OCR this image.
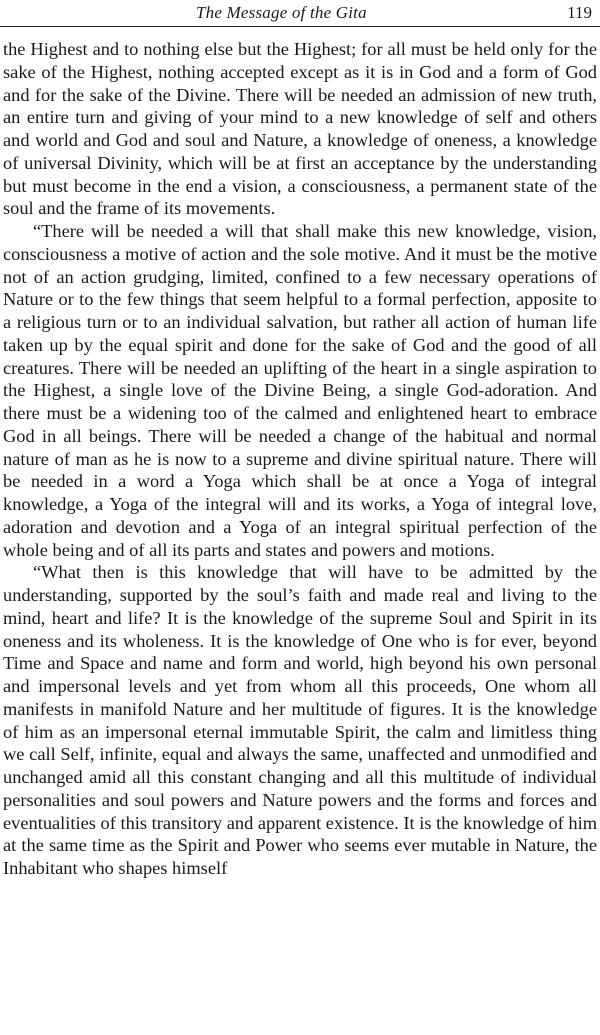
The Message of the Gita	119

the Highest and to nothing else but the Highest; for all must be held only for the sake of the Highest, nothing accepted except as it is in God and a form of God and for the sake of the Divine. There will be needed an admission of new truth, an entire turn and giving of your mind to a new knowledge of self and others and world and God and soul and Nature, a knowledge of oneness, a knowledge of universal Divinity, which will be at first an acceptance by the understanding but must become in the end a vision, a consciousness, a permanent state of the soul and the frame of its movements.

“There will be needed a will that shall make this new knowledge, vision, consciousness a motive of action and the sole motive. And it must be the motive not of an action grudging, limited, confined to a few necessary operations of Nature or to the few things that seem helpful to a formal perfection, apposite to a religious turn or to an individual salvation, but rather all action of human life taken up by the equal spirit and done for the sake of God and the good of all creatures. There will be needed an uplifting of the heart in a single aspiration to the Highest, a single love of the Divine Being, a single God-adoration. And there must be a widening too of the calmed and enlightened heart to embrace God in all beings. There will be needed a change of the habitual and normal nature of man as he is now to a supreme and divine spiritual nature. There will be needed in a word a Yoga which shall be at once a Yoga of integral knowledge, a Yoga of the integral will and its works, a Yoga of integral love, adoration and devotion and a Yoga of an integral spiritual perfection of the whole being and of all its parts and states and powers and motions.

“What then is this knowledge that will have to be admitted by the understanding, supported by the soul’s faith and made real and living to the mind, heart and life? It is the knowledge of the supreme Soul and Spirit in its oneness and its wholeness. It is the knowledge of One who is for ever, beyond Time and Space and name and form and world, high beyond his own personal and impersonal levels and yet from whom all this proceeds, One whom all manifests in manifold Nature and her multitude of figures. It is the knowledge of him as an impersonal eternal immutable Spirit, the calm and limitless thing we call Self, infinite, equal and always the same, unaffected and unmodified and unchanged amid all this constant changing and all this multitude of individual personalities and soul powers and Nature powers and the forms and forces and eventualities of this transitory and apparent existence. It is the knowledge of him at the same time as the Spirit and Power who seems ever mutable in Nature, the Inhabitant who shapes himself
